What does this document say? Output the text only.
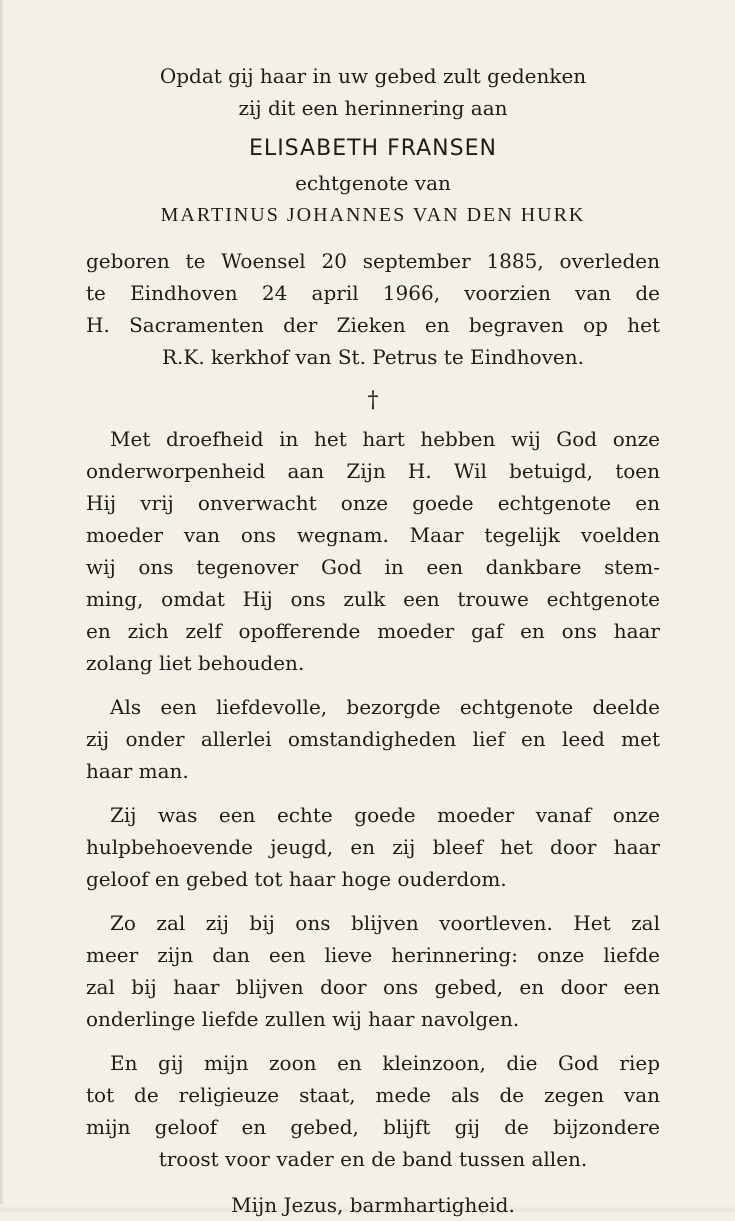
Opdat gij haar in uw gebed zult gedenken
zij dit een herinnering aan
ELISABETH FRANSEN
echtgenote van
MARTINUS JOHANNES VAN DEN HURK
geboren te Woensel 20 september 1885, overleden
te Eindhoven 24 april 1966, voorzien van de
H. Sacramenten der Zieken en begraven op het
R.K. kerkhof van St. Petrus te Eindhoven.
†
Met droefheid in het hart hebben wij God onze
onderworpenheid aan Zijn H. Wil betuigd, toen
Hij vrij onverwacht onze goede echtgenote en
moeder van ons wegnam. Maar tegelijk voelden
wij ons tegenover God in een dankbare stem-
ming, omdat Hij ons zulk een trouwe echtgenote
en zich zelf opofferende moeder gaf en ons haar
zolang liet behouden.
Als een liefdevolle, bezorgde echtgenote deelde
zij onder allerlei omstandigheden lief en leed met
haar man.
Zij was een echte goede moeder vanaf onze
hulpbehoevende jeugd, en zij bleef het door haar
geloof en gebed tot haar hoge ouderdom.
Zo zal zij bij ons blijven voortleven. Het zal
meer zijn dan een lieve herinnering: onze liefde
zal bij haar blijven door ons gebed, en door een
onderlinge liefde zullen wij haar navolgen.
En gij mijn zoon en kleinzoon, die God riep
tot de religieuze staat, mede als de zegen van
mijn geloof en gebed, blijft gij de bijzondere
troost voor vader en de band tussen allen.
Mijn Jezus, barmhartigheid.
